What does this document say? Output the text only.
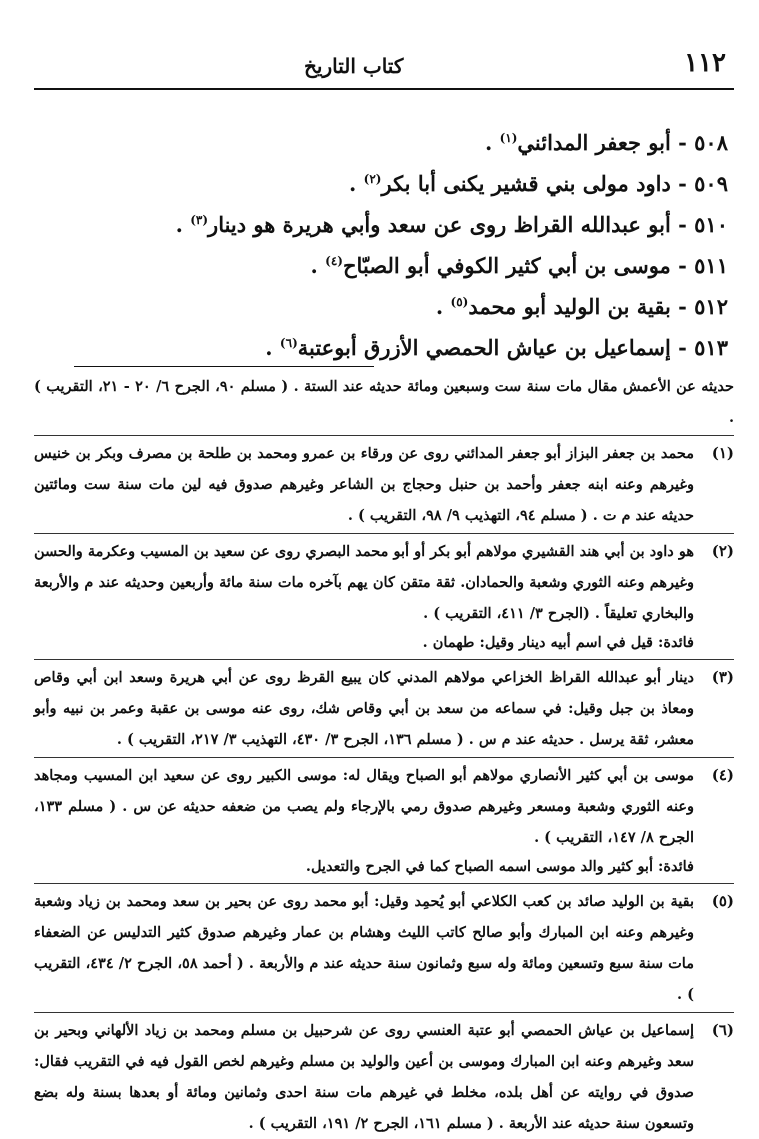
١١٢
كتاب التاريخ
٥٠٨ - أبو جعفر المدائني$^{(١)}$ .
٥٠٩ - داود مولى بني قشير يكنى أبا بكر$^{(٢)}$ .
٥١٠ - أبو عبدالله القراظ روى عن سعد وأبي هريرة هو دينار$^{(٣)}$ .
٥١١ - موسى بن أبي كثير الكوفي أبو الصبّاح$^{(٤)}$ .
٥١٢ - بقية بن الوليد أبو محمد$^{(٥)}$ .
٥١٣ - إسماعيل بن عياش الحمصي الأزرق أبوعتبة$^{(٦)}$ .
حديثه عن الأعمش مقال مات سنة ست وسبعين ومائة حديثه عند الستة . ( مسلم ٩٠، الجرح ٦/ ٢٠ - ٢١، التقريب ) .
(١)
محمد بن جعفر البزاز أبو جعفر المدائني روى عن ورقاء بن عمرو ومحمد بن طلحة بن مصرف وبكر بن خنيس وغيرهم وعنه ابنه جعفر وأحمد بن حنبل وحجاج بن الشاعر وغيرهم صدوق فيه لين مات سنة ست ومائتين حديثه عند م ت . ( مسلم ٩٤، التهذيب ٩/ ٩٨، التقريب ) .
(٢)
هو داود بن أبي هند القشيري مولاهم أبو بكر أو أبو محمد البصري روى عن سعيد بن المسيب وعكرمة والحسن وغيرهم وعنه الثوري وشعبة والحمادان. ثقة متقن كان يهم بآخره مات سنة مائة وأربعين وحديثه عند م والأربعة والبخاري تعليقاً . (الجرح ٣/ ٤١١، التقريب ) .
فائدة: قيل في اسم أبيه دينار وقيل: طهمان .
(٣)
دينار أبو عبدالله القراظ الخزاعي مولاهم المدني كان يبيع القرظ روى عن أبي هريرة وسعد ابن أبي وقاص ومعاذ بن جبل وقيل: في سماعه من سعد بن أبي وقاص شك، روى عنه موسى بن عقبة وعمر بن نبيه وأبو معشر، ثقة يرسل . حديثه عند م س . ( مسلم ١٣٦، الجرح ٣/ ٤٣٠، التهذيب ٣/ ٢١٧، التقريب ) .
(٤)
موسى بن أبي كثير الأنصاري مولاهم أبو الصباح ويقال له: موسى الكبير روى عن سعيد ابن المسيب ومجاهد وعنه الثوري وشعبة ومسعر وغيرهم صدوق رمي بالإرجاء ولم يصب من ضعفه حديثه عن س . ( مسلم ١٣٣، الجرح ٨/ ١٤٧، التقريب ) .
فائدة: أبو كثير والد موسى اسمه الصباح كما في الجرح والتعديل.
(٥)
بقية بن الوليد صائد بن كعب الكلاعي أبو يُحمِد وقيل: أبو محمد روى عن بحير بن سعد ومحمد بن زياد وشعبة وغيرهم وعنه ابن المبارك وأبو صالح كاتب الليث وهشام بن عمار وغيرهم صدوق كثير التدليس عن الضعفاء مات سنة سبع وتسعين ومائة وله سبع وثمانون سنة حديثه عند م والأربعة . ( أحمد ٥٨، الجرح ٢/ ٤٣٤، التقريب ) .
(٦)
إسماعيل بن عياش الحمصي أبو عتبة العنسي روى عن شرحبيل بن مسلم ومحمد بن زياد الألهاني وبحير بن سعد وغيرهم وعنه ابن المبارك وموسى بن أعين والوليد بن مسلم وغيرهم لخص القول فيه في التقريب فقال: صدوق في روايته عن أهل بلده، مخلط في غيرهم مات سنة احدى وثمانين ومائة أو بعدها بسنة وله بضع وتسعون سنة حديثه عند الأربعة . ( مسلم ١٦١، الجرح ٢/ ١٩١، التقريب ) .
